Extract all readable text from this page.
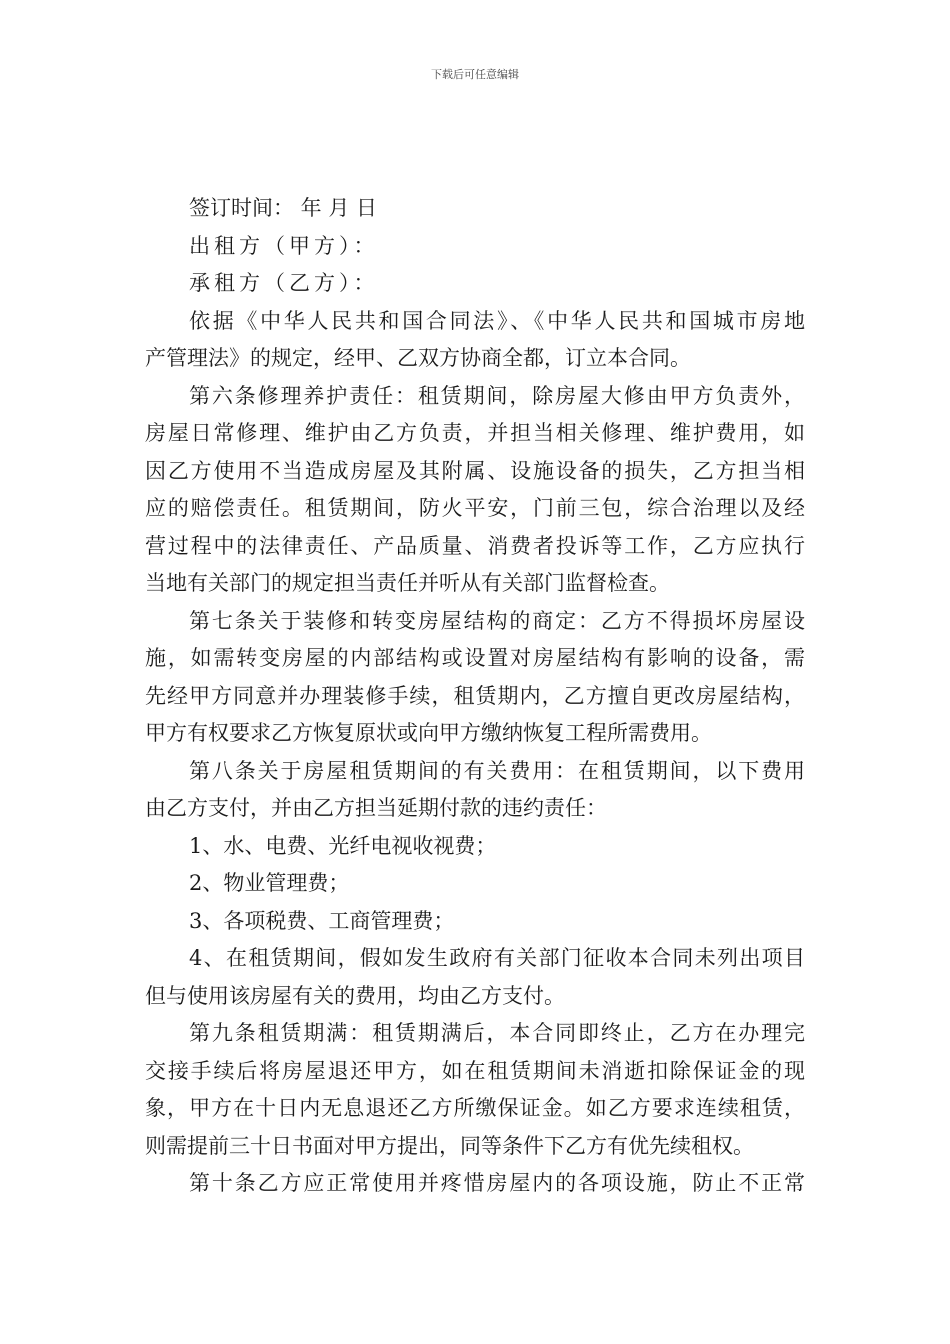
下载后可任意编辑
签订时间： 年 月 日
出租方（甲方）：
承租方（乙方）：
依据《中华人民共和国合同法》、《中华人民共和国城市房地
产管理法》的规定，经甲、乙双方协商全都，订立本合同。
第六条修理养护责任：租赁期间，除房屋大修由甲方负责外，
房屋日常修理、维护由乙方负责，并担当相关修理、维护费用，如
因乙方使用不当造成房屋及其附属、设施设备的损失，乙方担当相
应的赔偿责任。租赁期间，防火平安，门前三包，综合治理以及经
营过程中的法律责任、产品质量、消费者投诉等工作，乙方应执行
当地有关部门的规定担当责任并听从有关部门监督检查。
第七条关于装修和转变房屋结构的商定：乙方不得损坏房屋设
施，如需转变房屋的内部结构或设置对房屋结构有影响的设备，需
先经甲方同意并办理装修手续，租赁期内，乙方擅自更改房屋结构，
甲方有权要求乙方恢复原状或向甲方缴纳恢复工程所需费用。
第八条关于房屋租赁期间的有关费用：在租赁期间，以下费用
由乙方支付，并由乙方担当延期付款的违约责任：
1、水、电费、光纤电视收视费；
2、物业管理费；
3、各项税费、工商管理费；
4、在租赁期间，假如发生政府有关部门征收本合同未列出项目
但与使用该房屋有关的费用，均由乙方支付。
第九条租赁期满：租赁期满后，本合同即终止，乙方在办理完
交接手续后将房屋退还甲方，如在租赁期间未消逝扣除保证金的现
象，甲方在十日内无息退还乙方所缴保证金。如乙方要求连续租赁，
则需提前三十日书面对甲方提出，同等条件下乙方有优先续租权。
第十条乙方应正常使用并疼惜房屋内的各项设施，防止不正常
